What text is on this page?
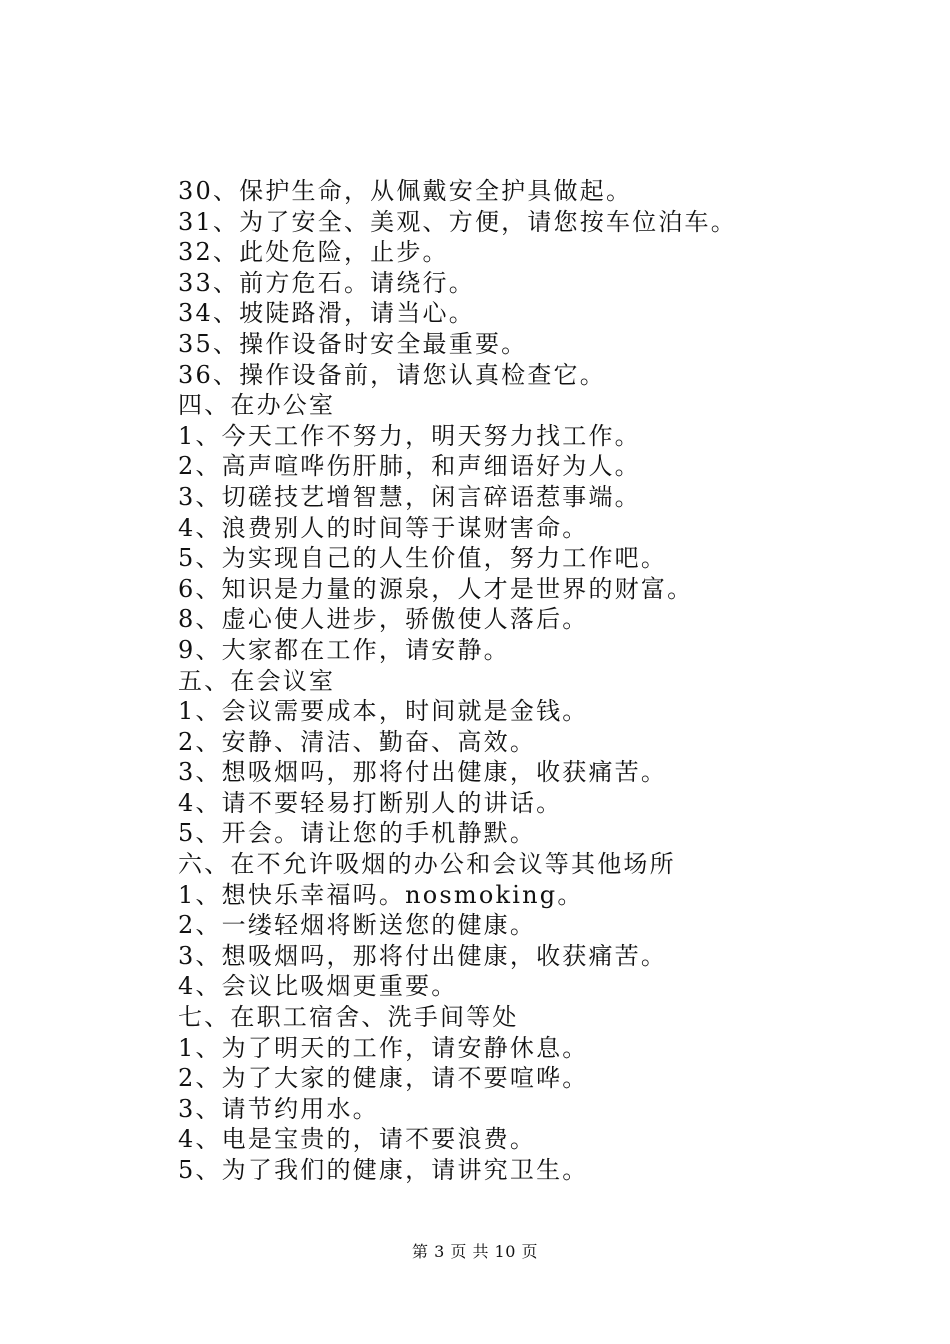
30、保护生命，从佩戴安全护具做起。
31、为了安全、美观、方便，请您按车位泊车。
32、此处危险，止步。
33、前方危石。请绕行。
34、坡陡路滑，请当心。
35、操作设备时安全最重要。
36、操作设备前，请您认真检查它。
四、在办公室
1、今天工作不努力，明天努力找工作。
2、高声喧哗伤肝肺，和声细语好为人。
3、切磋技艺增智慧，闲言碎语惹事端。
4、浪费别人的时间等于谋财害命。
5、为实现自己的人生价值，努力工作吧。
6、知识是力量的源泉，人才是世界的财富。
8、虚心使人进步，骄傲使人落后。
9、大家都在工作，请安静。
五、在会议室
1、会议需要成本，时间就是金钱。
2、安静、清洁、勤奋、高效。
3、想吸烟吗，那将付出健康，收获痛苦。
4、请不要轻易打断别人的讲话。
5、开会。请让您的手机静默。
六、在不允许吸烟的办公和会议等其他场所
1、想快乐幸福吗。nosmoking。
2、一缕轻烟将断送您的健康。
3、想吸烟吗，那将付出健康，收获痛苦。
4、会议比吸烟更重要。
七、在职工宿舍、洗手间等处
1、为了明天的工作，请安静休息。
2、为了大家的健康，请不要喧哗。
3、请节约用水。
4、电是宝贵的，请不要浪费。
5、为了我们的健康，请讲究卫生。
第 3 页 共 10 页
